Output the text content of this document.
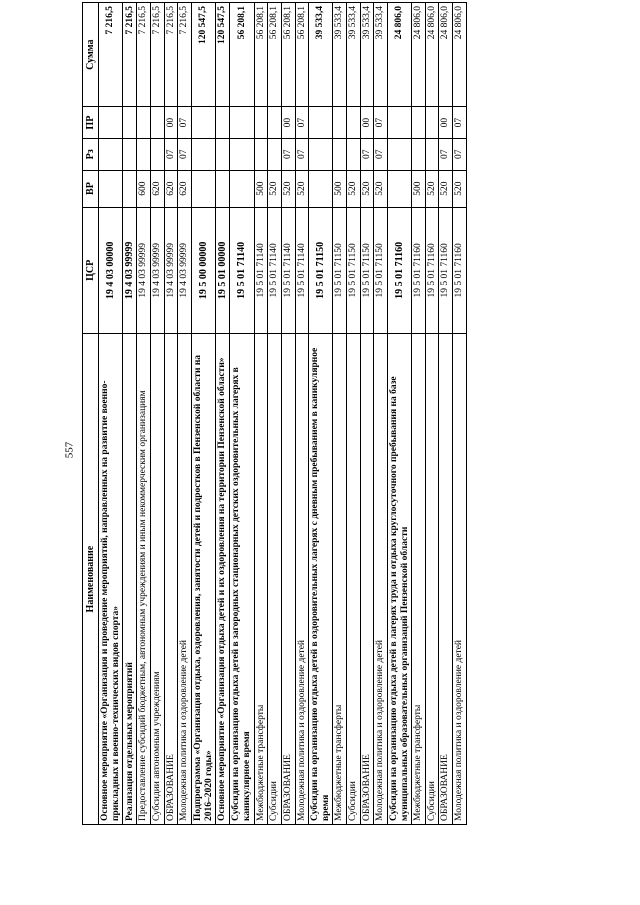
557
Наименование	ЦСР	ВР	Рз	ПР	Сумма
Основное мероприятие «Организация и проведение мероприятий, направленных на развитие военно-прикладных и военно-технических видов спорта»	19 4 03 00000				7 216,5
Реализация отдельных мероприятий	19 4 03 99999				7 216,5
Предоставление субсидий бюджетным, автономным учреждениям и иным некоммерческим организациям	19 4 03 99999	600			7 216,5
Субсидии автономным учреждениям	19 4 03 99999	620			7 216,5
ОБРАЗОВАНИЕ	19 4 03 99999	620	07	00	7 216,5
Молодежная политика и оздоровление детей	19 4 03 99999	620	07	07	7 216,5
Подпрограмма «Организация отдыха, оздоровления, занятости детей и подростков в Пензенской области на 2016–2020 годы»	19 5 00 00000				120 547,5
Основное мероприятие «Организация отдыха детей и их оздоровления на территории Пензенской области»	19 5 01 00000				120 547,5
Субсидии на организацию отдыха детей в загородных стационарных детских оздоровительных лагерях в каникулярное время	19 5 01 71140				56 208,1
Межбюджетные трансферты	19 5 01 71140	500			56 208,1
Субсидии	19 5 01 71140	520			56 208,1
ОБРАЗОВАНИЕ	19 5 01 71140	520	07	00	56 208,1
Молодежная политика и оздоровление детей	19 5 01 71140	520	07	07	56 208,1
Субсидии на организацию отдыха детей в оздоровительных лагерях с дневным пребыванием в каникулярное время	19 5 01 71150				39 533,4
Межбюджетные трансферты	19 5 01 71150	500			39 533,4
Субсидии	19 5 01 71150	520			39 533,4
ОБРАЗОВАНИЕ	19 5 01 71150	520	07	00	39 533,4
Молодежная политика и оздоровление детей	19 5 01 71150	520	07	07	39 533,4
Субсидии на организацию отдыха детей в лагерях труда и отдыха круглосуточного пребывания на базе муниципальных образовательных организаций Пензенской области	19 5 01 71160				24 806,0
Межбюджетные трансферты	19 5 01 71160	500			24 806,0
Субсидии	19 5 01 71160	520			24 806,0
ОБРАЗОВАНИЕ	19 5 01 71160	520	07	00	24 806,0
Молодежная политика и оздоровление детей	19 5 01 71160	520	07	07	24 806,0
